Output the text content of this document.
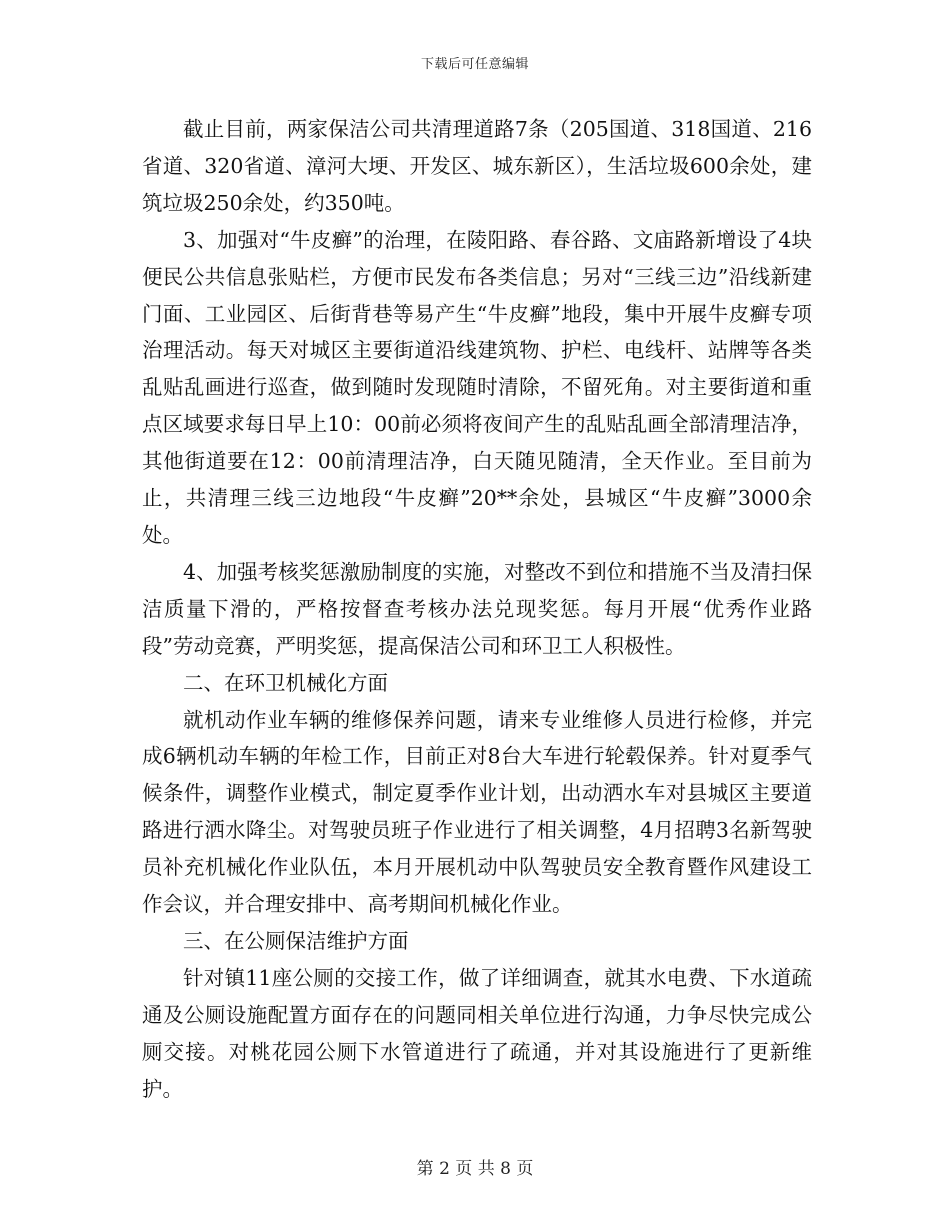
下载后可任意编辑

截止目前，两家保洁公司共清理道路7条（205国道、318国道、216省道、320省道、漳河大埂、开发区、城东新区），生活垃圾600余处，建筑垃圾250余处，约350吨。

3、加强对“牛皮癣”的治理，在陵阳路、春谷路、文庙路新增设了4块便民公共信息张贴栏，方便市民发布各类信息；另对“三线三边”沿线新建门面、工业园区、后街背巷等易产生“牛皮癣”地段，集中开展牛皮癣专项治理活动。每天对城区主要街道沿线建筑物、护栏、电线杆、站牌等各类乱贴乱画进行巡查，做到随时发现随时清除，不留死角。对主要街道和重点区域要求每日早上10：00前必须将夜间产生的乱贴乱画全部清理洁净，其他街道要在12：00前清理洁净，白天随见随清，全天作业。至目前为止，共清理三线三边地段“牛皮癣”20**余处，县城区“牛皮癣”3000余处。

4、加强考核奖惩激励制度的实施，对整改不到位和措施不当及清扫保洁质量下滑的，严格按督查考核办法兑现奖惩。每月开展“优秀作业路段”劳动竞赛，严明奖惩，提高保洁公司和环卫工人积极性。

二、在环卫机械化方面

就机动作业车辆的维修保养问题，请来专业维修人员进行检修，并完成6辆机动车辆的年检工作，目前正对8台大车进行轮毂保养。针对夏季气候条件，调整作业模式，制定夏季作业计划，出动洒水车对县城区主要道路进行洒水降尘。对驾驶员班子作业进行了相关调整，4月招聘3名新驾驶员补充机械化作业队伍，本月开展机动中队驾驶员安全教育暨作风建设工作会议，并合理安排中、高考期间机械化作业。

三、在公厕保洁维护方面

针对镇11座公厕的交接工作，做了详细调查，就其水电费、下水道疏通及公厕设施配置方面存在的问题同相关单位进行沟通，力争尽快完成公厕交接。对桃花园公厕下水管道进行了疏通，并对其设施进行了更新维护。

第 2 页 共 8 页
